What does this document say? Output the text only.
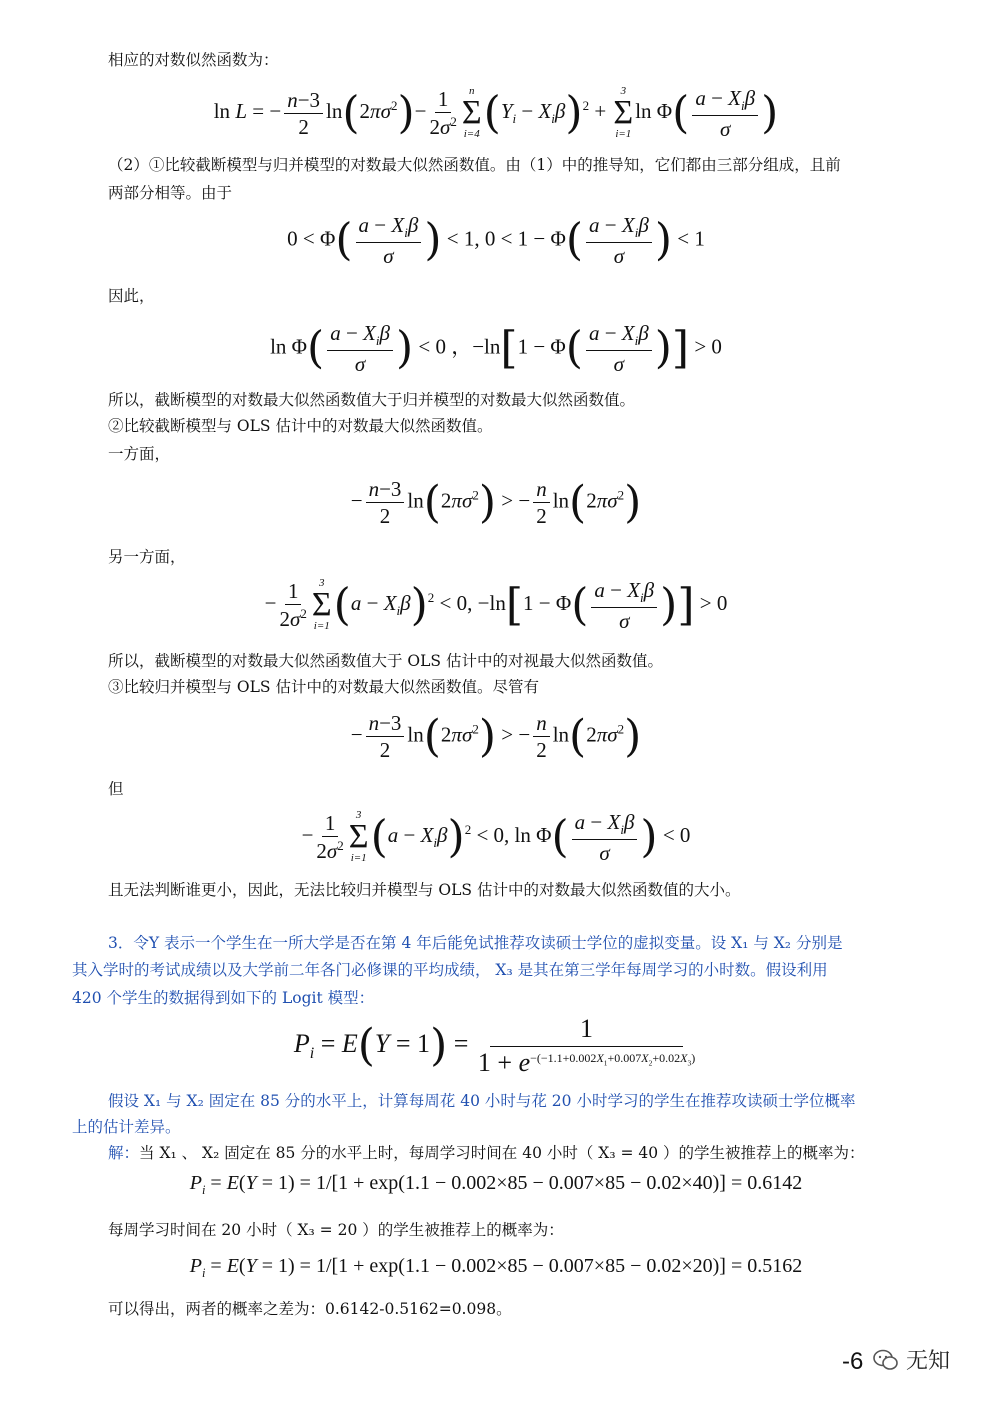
相应的对数似然函数为：
ln L = − $\frac{n-3}{2} \ln(2\pi\sigma^2)- \frac{1}{2\sigma^2}$ n
Σ
i=4 $(Y_i - X_i\beta)^2$ +
3
Σ
i=1
$\ln \Phi( \frac{a - X_i\beta}{\sigma}$ )
（2）①比较截断模型与归并模型的对数最大似然函数值。由（1）中的推导知，它们都由三部分组成，且前
两部分相等。由于
$0 < \Phi( \frac{a - X_i\beta}{\sigma}$ ) < 1, $0 < 1 - \Phi( \frac{a - X_i\beta}{\sigma}$ ) < 1
因此，
$\ln \Phi( \frac{a - X_i\beta}{\sigma}$ ) < 0 ，$-\ln[1 - \Phi( \frac{a - X_i\beta}{\sigma}$ )] > 0
所以，截断模型的对数最大似然函数值大于归并模型的对数最大似然函数值。
②比较截断模型与 OLS 估计中的对数最大似然函数值。
一方面，
− $\frac{n-3}{2} \ln(2\pi\sigma^2)$ > − $\frac{n}{2} \ln(2\pi\sigma^2)$
另一方面，
− $\frac{1}{2\sigma^2} 3$
Σ
i=1 $(a - X_i\beta)^2 < 0$, $-\ln[1 - \Phi( \frac{a - X_i\beta}{\sigma}$ )] > 0
所以，截断模型的对数最大似然函数值大于 OLS 估计中的对视最大似然函数值。
③比较归并模型与 OLS 估计中的对数最大似然函数值。尽管有
− $\frac{n-3}{2} \ln(2\pi\sigma^2)$ > − $\frac{n}{2} \ln(2\pi\sigma^2)$
但
− $\frac{1}{2\sigma^2} 3$
Σ
i=1 $(a - X_i\beta)^2 < 0$, $\ln \Phi( \frac{a - X_i\beta}{\sigma}$ ) < 0
且无法判断谁更小，因此，无法比较归并模型与 OLS 估计中的对数最大似然函数值的大小。
3．令Y 表示一个学生在一所大学是否在第 4 年后能免试推荐攻读硕士学位的虚拟变量。设 X₁ 与 X₂ 分别是
其入学时的考试成绩以及大学前二年各门必修课的平均成绩， X₃ 是其在第三学年每周学习的小时数。假设利用
420 个学生的数据得到如下的 Logit 模型：
$P_i = E(Y = 1) = \frac{1}{1 + e^{-(-1.1+0.002X_1+0.007X_2+0.02X_3)}}$
假设 X₁ 与 X₂ 固定在 85 分的水平上，计算每周花 40 小时与花 20 小时学习的学生在推荐攻读硕士学位概率
上的估计差异。
解：当 X₁ 、 X₂ 固定在 85 分的水平上时，每周学习时间在 40 小时（ X₃ = 40 ）的学生被推荐上的概率为：
$P_i = E(Y = 1) = 1/[1 + \exp(1.1 - 0.002\times 85 - 0.007\times 85 - 0.02\times 40)] = 0.6142$
每周学习时间在 20 小时（ X₃ = 20 ）的学生被推荐上的概率为：
$P_i = E(Y = 1) = 1/[1 + \exp(1.1 - 0.002\times 85 - 0.007\times 85 - 0.02\times 20)] = 0.5162$
可以得出，两者的概率之差为：0.6142-0.5162=0.098。
-6 无知
